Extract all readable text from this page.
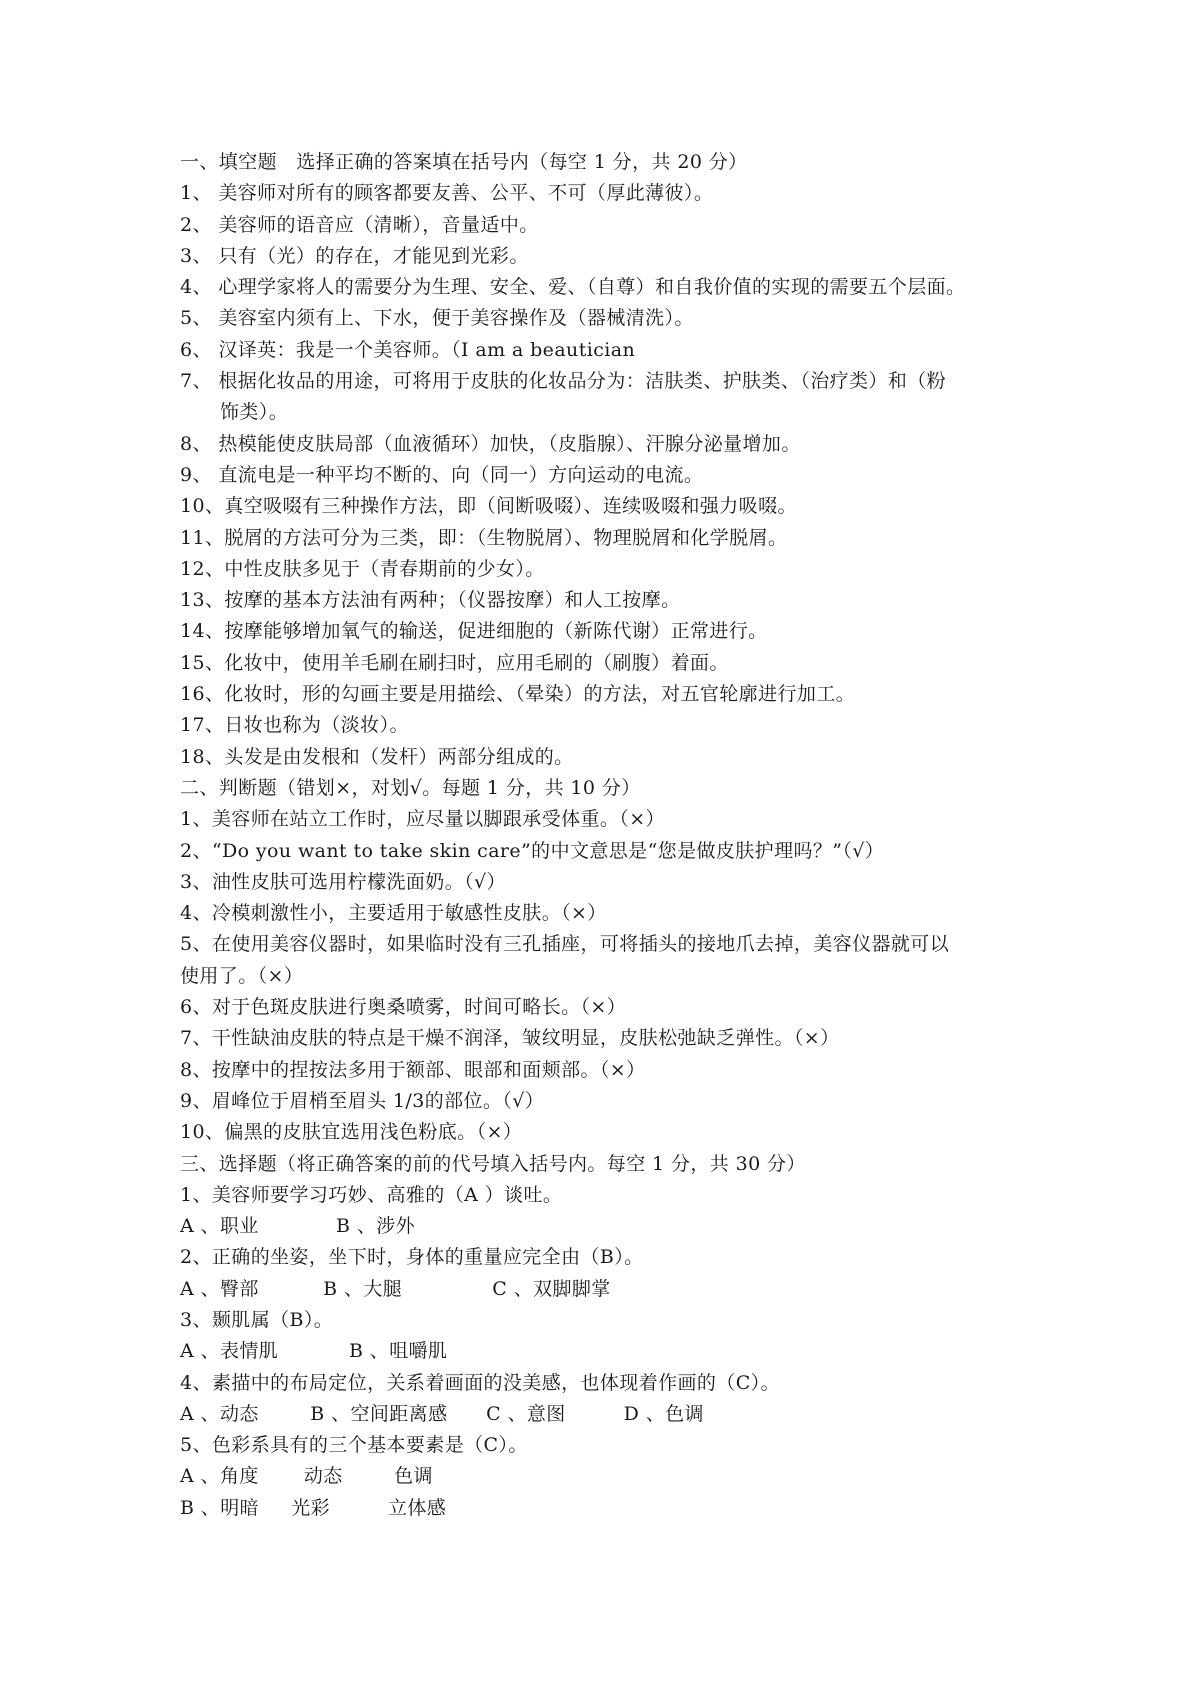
一、填空题   选择正确的答案填在括号内（每空 1 分，共 20 分）
1、 美容师对所有的顾客都要友善、公平、不可（厚此薄彼）。
2、 美容师的语音应（清晰），音量适中。
3、 只有（光）的存在，才能见到光彩。
4、 心理学家将人的需要分为生理、安全、爱、（自尊）和自我价值的实现的需要五个层面。
5、 美容室内须有上、下水，便于美容操作及（器械清洗）。
6、 汉译英：我是一个美容师。（I am a beautician
7、 根据化妆品的用途，可将用于皮肤的化妆品分为：洁肤类、护肤类、（治疗类）和（粉
饰类）。
8、 热模能使皮肤局部（血液循环）加快，（皮脂腺）、汗腺分泌量增加。
9、 直流电是一种平均不断的、向（同一）方向运动的电流。
10、真空吸啜有三种操作方法，即（间断吸啜）、连续吸啜和强力吸啜。
11、脱屑的方法可分为三类，即：（生物脱屑）、物理脱屑和化学脱屑。
12、中性皮肤多见于（青春期前的少女）。
13、按摩的基本方法油有两种；（仪器按摩）和人工按摩。
14、按摩能够增加氧气的输送，促进细胞的（新陈代谢）正常进行。
15、化妆中，使用羊毛刷在刷扫时，应用毛刷的（刷腹）着面。
16、化妆时，形的勾画主要是用描绘、（晕染）的方法，对五官轮廓进行加工。
17、日妆也称为（淡妆）。
18、头发是由发根和（发杆）两部分组成的。
二、判断题（错划×，对划√。每题 1 分，共 10 分）
1、美容师在站立工作时，应尽量以脚跟承受体重。（×）
2、“Do you want to take skin care”的中文意思是“您是做皮肤护理吗？”（√）
3、油性皮肤可选用柠檬洗面奶。（√）
4、冷模刺激性小，主要适用于敏感性皮肤。（×）
5、在使用美容仪器时，如果临时没有三孔插座，可将插头的接地爪去掉，美容仪器就可以
使用了。（×）
6、对于色斑皮肤进行奥桑喷雾，时间可略长。（×）
7、干性缺油皮肤的特点是干燥不润泽，皱纹明显，皮肤松弛缺乏弹性。（×）
8、按摩中的捏按法多用于额部、眼部和面颊部。（×）
9、眉峰位于眉梢至眉头 1/3的部位。（√）
10、偏黑的皮肤宜选用浅色粉底。（×）
三、选择题（将正确答案的前的代号填入括号内。每空 1 分，共 30 分）
1、美容师要学习巧妙、高雅的（A ）谈吐。
A 、职业            B 、涉外
2、正确的坐姿，坐下时，身体的重量应完全由（B）。
A 、臀部          B 、大腿              C 、双脚脚掌
3、颞肌属（B）。
A 、表情肌           B 、咀嚼肌
4、素描中的布局定位，关系着画面的没美感，也体现着作画的（C）。
A 、动态        B 、空间距离感      C 、意图         D 、色调
5、色彩系具有的三个基本要素是（C）。
A 、角度       动态        色调
B 、明暗     光彩         立体感
